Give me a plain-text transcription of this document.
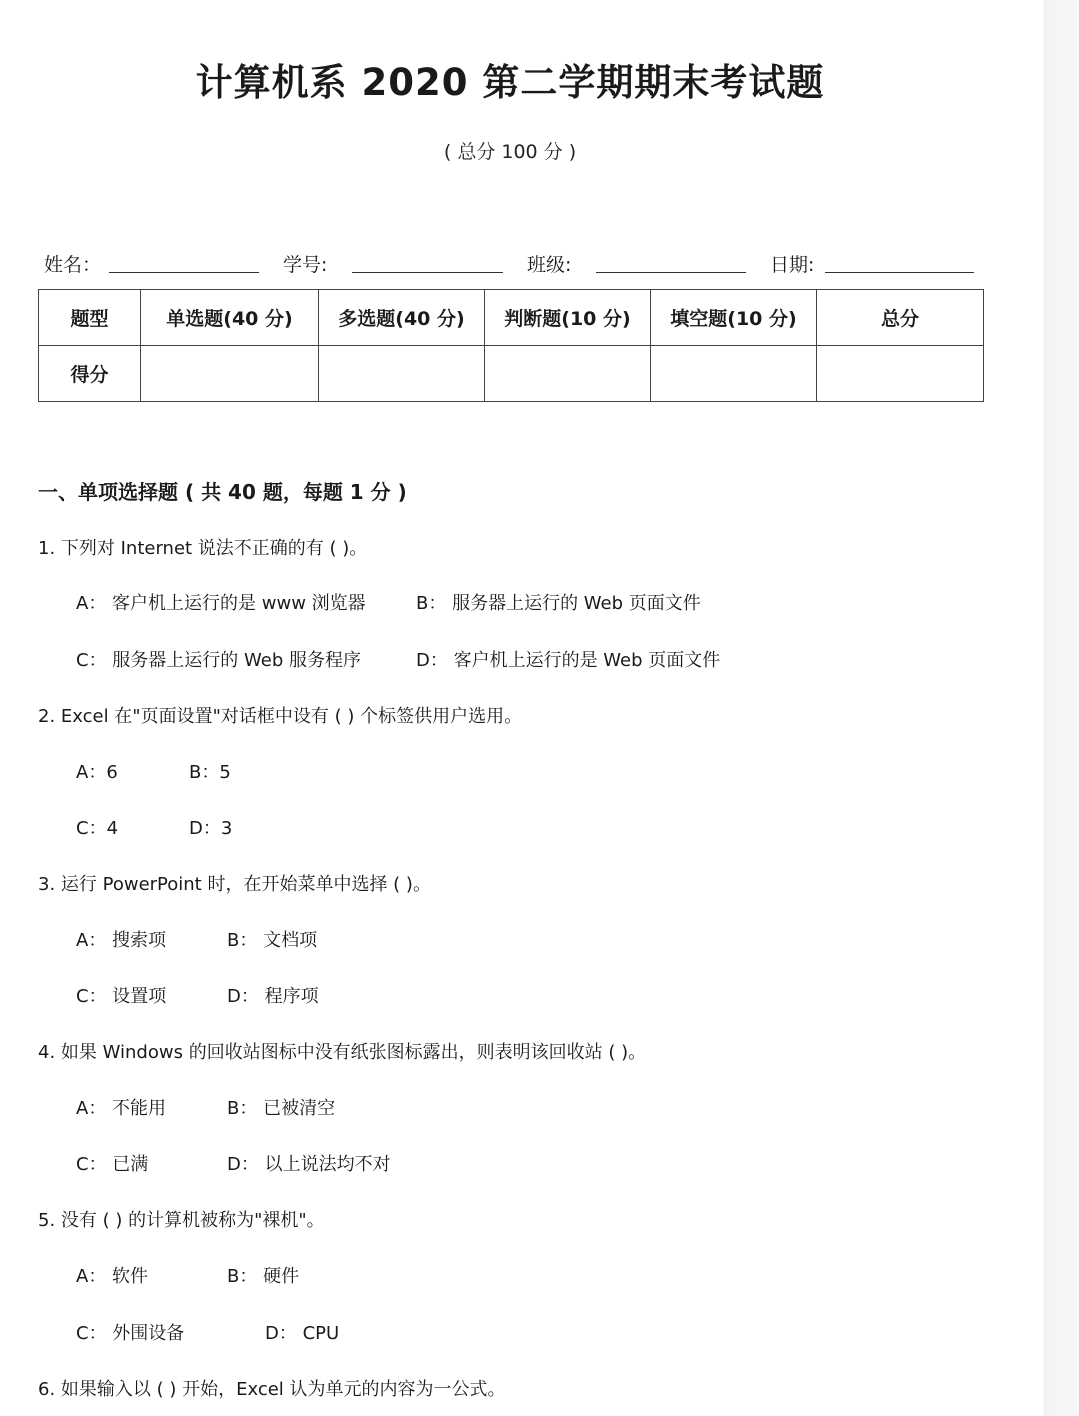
计算机系 2020 第二学期期末考试题
( 总分 100 分 )
姓名：	学号:	班级:	日期:
题型	单选题(40 分)	多选题(40 分)	判断题(10 分)	填空题(10 分)	总分
得分					
一、单项选择题 ( 共 40 题，每题 1 分 )
1. 下列对 Internet 说法不正确的有 ( )。
A： 客户机上运行的是 www 浏览器	B： 服务器上运行的 Web 页面文件
C： 服务器上运行的 Web 服务程序	D： 客户机上运行的是 Web 页面文件
2. Excel 在"页面设置"对话框中设有 ( ) 个标签供用户选用。
A：6	B：5
C：4	D：3
3. 运行 PowerPoint 时，在开始菜单中选择 ( )。
A： 搜索项	B： 文档项
C： 设置项	D： 程序项
4. 如果 Windows 的回收站图标中没有纸张图标露出，则表明该回收站 ( )。
A： 不能用	B： 已被清空
C： 已满	D： 以上说法均不对
5. 没有 ( ) 的计算机被称为"裸机"。
A： 软件	B： 硬件
C： 外围设备	D： CPU
6. 如果输入以 ( ) 开始，Excel 认为单元的内容为一公式。
